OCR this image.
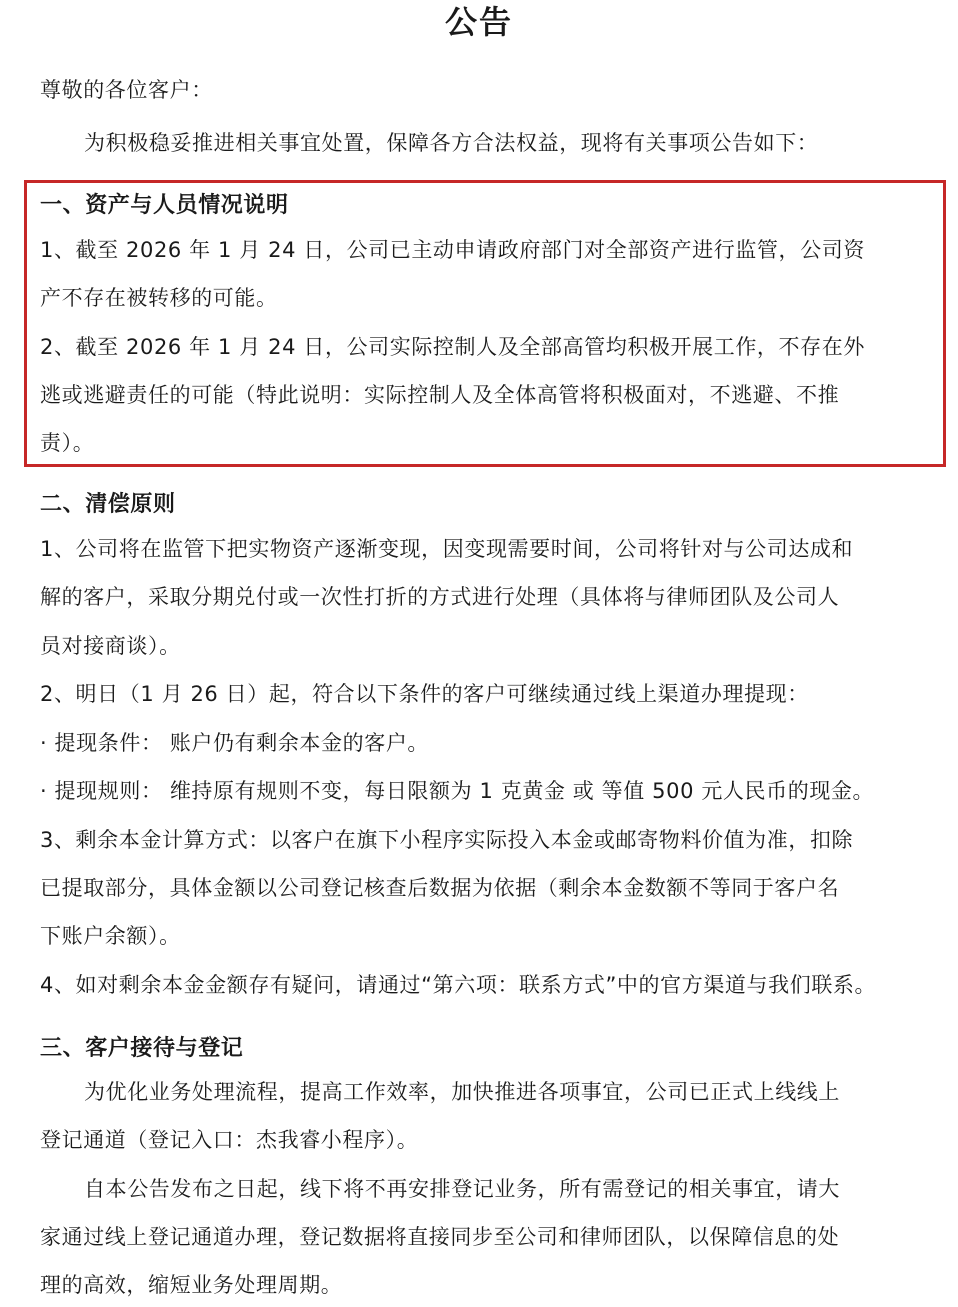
公告
尊敬的各位客户：
为积极稳妥推进相关事宜处置，保障各方合法权益，现将有关事项公告如下：
一、资产与人员情况说明
1、截至 2026 年 1 月 24 日，公司已主动申请政府部门对全部资产进行监管，公司资
产不存在被转移的可能。
2、截至 2026 年 1 月 24 日，公司实际控制人及全部高管均积极开展工作，不存在外
逃或逃避责任的可能（特此说明：实际控制人及全体高管将积极面对，不逃避、不推
责）。
二、清偿原则
1、公司将在监管下把实物资产逐渐变现，因变现需要时间，公司将针对与公司达成和
解的客户，采取分期兑付或一次性打折的方式进行处理（具体将与律师团队及公司人
员对接商谈）。
2、明日（1 月 26 日）起，符合以下条件的客户可继续通过线上渠道办理提现：
· 提现条件： 账户仍有剩余本金的客户。
· 提现规则： 维持原有规则不变，每日限额为 1 克黄金 或 等值 500 元人民币的现金。
3、剩余本金计算方式：以客户在旗下小程序实际投入本金或邮寄物料价值为准，扣除
已提取部分，具体金额以公司登记核查后数据为依据（剩余本金数额不等同于客户名
下账户余额）。
4、如对剩余本金金额存有疑问，请通过“第六项：联系方式”中的官方渠道与我们联系。
三、客户接待与登记
为优化业务处理流程，提高工作效率，加快推进各项事宜，公司已正式上线线上
登记通道（登记入口：杰我睿小程序）。
自本公告发布之日起，线下将不再安排登记业务，所有需登记的相关事宜，请大
家通过线上登记通道办理，登记数据将直接同步至公司和律师团队，以保障信息的处
理的高效，缩短业务处理周期。
